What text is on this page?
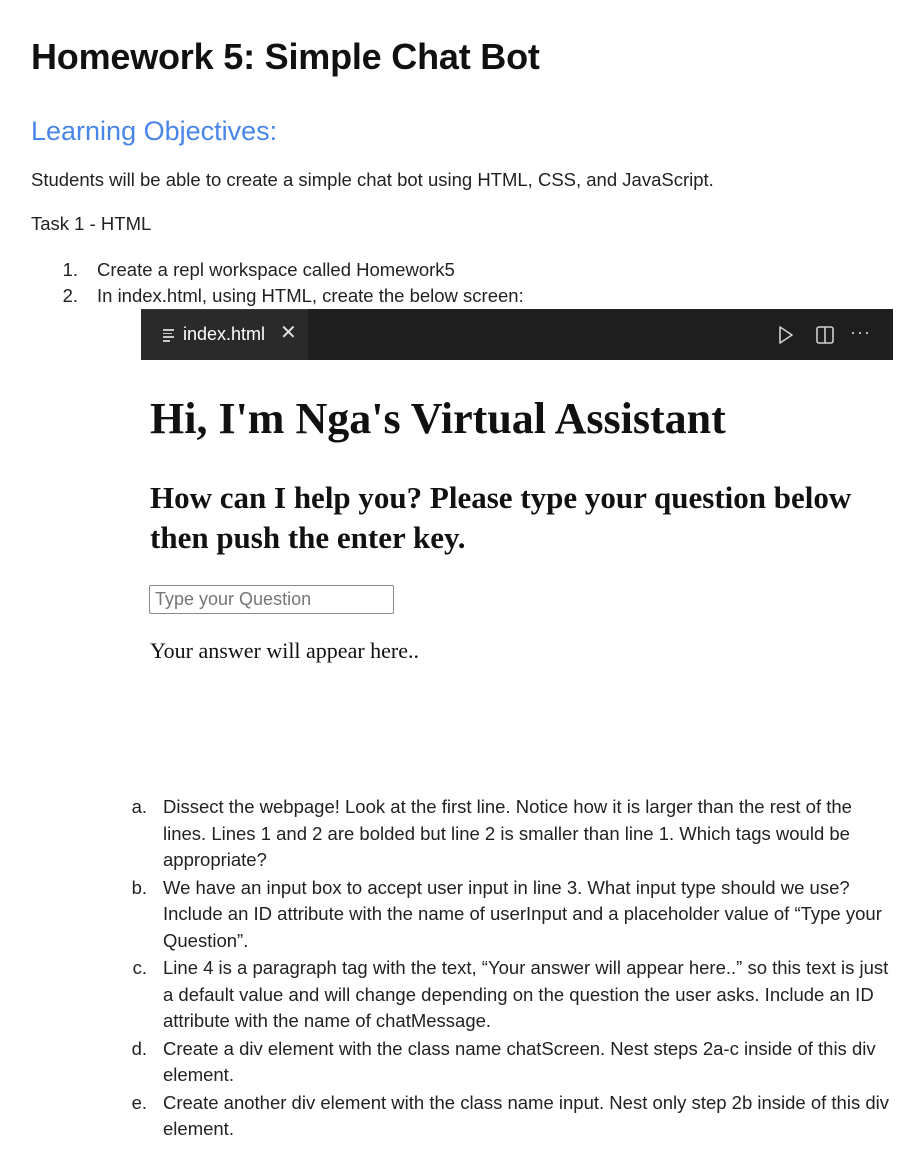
Homework 5: Simple Chat Bot
Learning Objectives:
Students will be able to create a simple chat bot using HTML, CSS, and JavaScript.
Task 1 - HTML
1. Create a repl workspace called Homework5
2. In index.html, using HTML, create the below screen:
index.html ✕	···
Hi, I'm Nga's Virtual Assistant
How can I help you? Please type your question below then push the enter key.
Type your Question
Your answer will appear here..
a. Dissect the webpage! Look at the first line. Notice how it is larger than the rest of the lines. Lines 1 and 2 are bolded but line 2 is smaller than line 1. Which tags would be appropriate?
b. We have an input box to accept user input in line 3. What input type should we use? Include an ID attribute with the name of userInput and a placeholder value of “Type your Question”.
c. Line 4 is a paragraph tag with the text, “Your answer will appear here..” so this text is just a default value and will change depending on the question the user asks. Include an ID attribute with the name of chatMessage.
d. Create a div element with the class name chatScreen. Nest steps 2a-c inside of this div element.
e. Create another div element with the class name input. Nest only step 2b inside of this div element.
